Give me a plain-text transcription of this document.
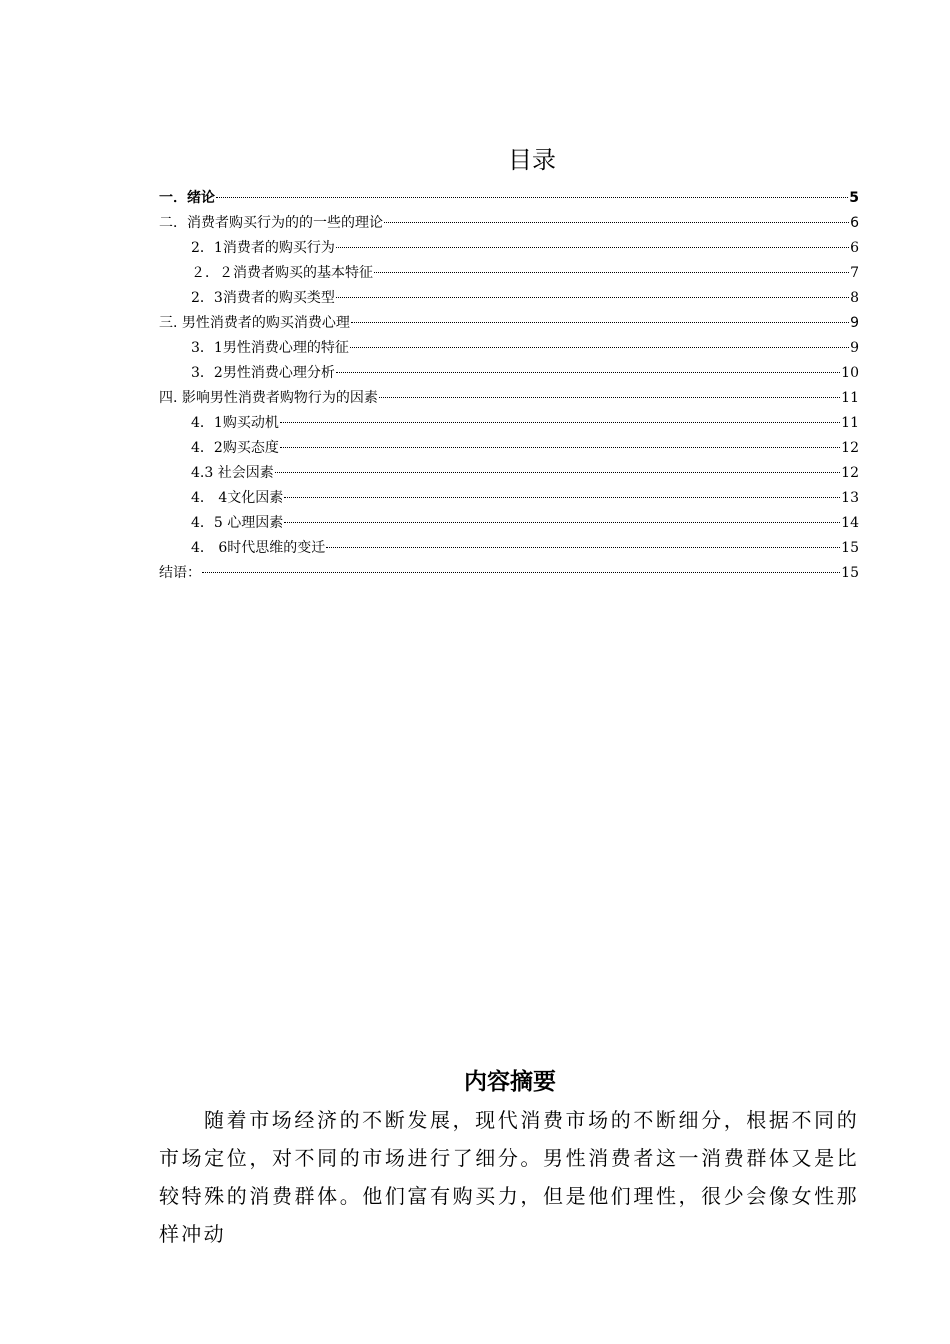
目录
一．绪论	5
二．消费者购买行为的的一些的理论	6
2．1消费者的购买行为	6
２．２消费者购买的基本特征	7
2．3消费者的购买类型	8
三. 男性消费者的购买消费心理	9
3．1男性消费心理的特征	9
3．2男性消费心理分析	10
四. 影响男性消费者购物行为的因素	11
4．1购买动机	11
4．2购买态度	12
4.3 社会因素	12
4． 4文化因素	13
4．5 心理因素	14
4． 6时代思维的变迁	15
结语：	15
内容摘要

随着市场经济的不断发展，现代消费市场的不断细分，根据不同的市场定位，对不同的市场进行了细分。男性消费者这一消费群体又是比较特殊的消费群体。他们富有购买力，但是他们理性，很少会像女性那样冲动
